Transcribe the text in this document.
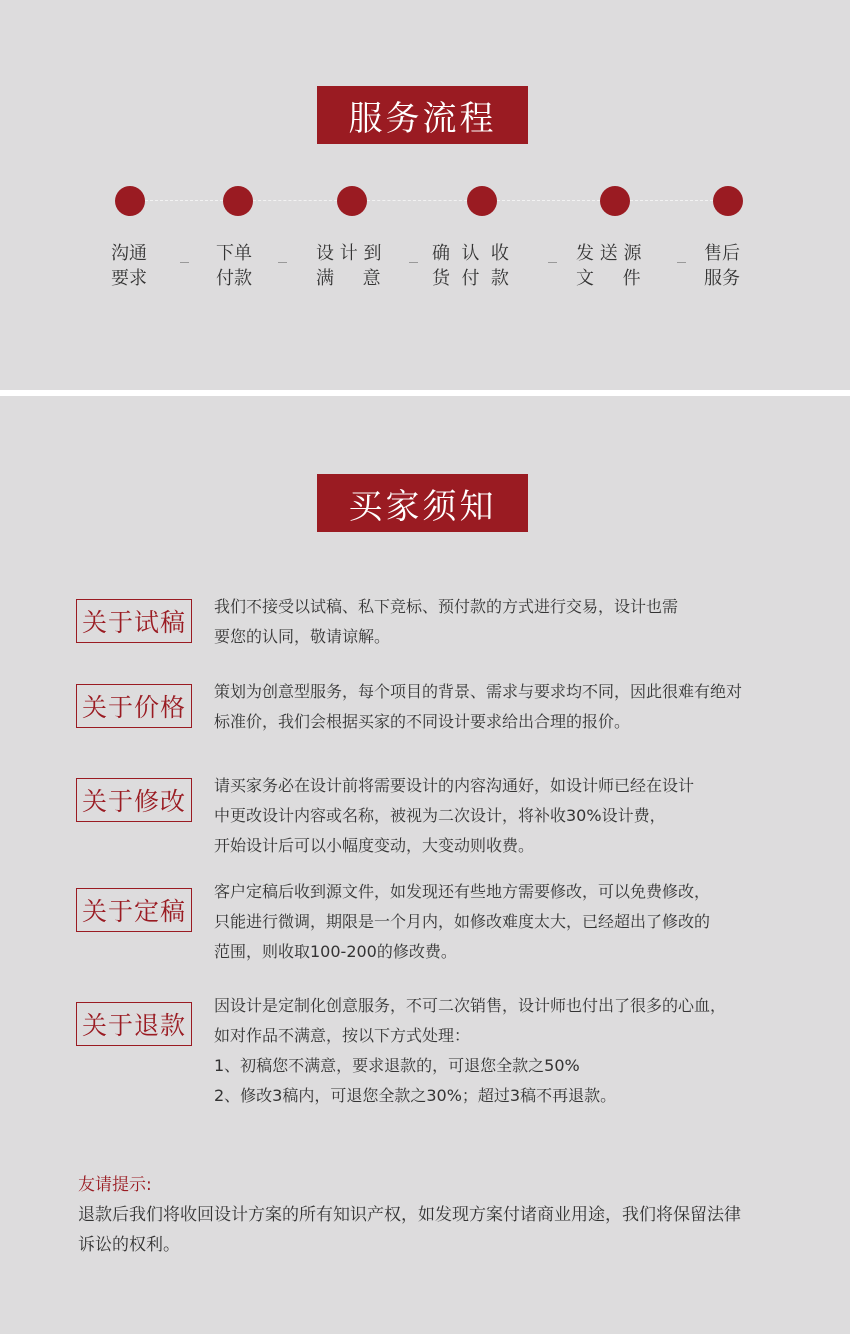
服务流程
沟通
要求
下单
付款
设 计 到
满     意
确  认  收
货  付  款
发 送 源
文     件
售后
服务
买家须知
关于试稿
我们不接受以试稿、私下竞标、预付款的方式进行交易，设计也需
要您的认同，敬请谅解。
关于价格
策划为创意型服务，每个项目的背景、需求与要求均不同，因此很难有绝对
标准价，我们会根据买家的不同设计要求给出合理的报价。
关于修改
请买家务必在设计前将需要设计的内容沟通好，如设计师已经在设计
中更改设计内容或名称，被视为二次设计，将补收30%设计费，
开始设计后可以小幅度变动，大变动则收费。
关于定稿
客户定稿后收到源文件，如发现还有些地方需要修改，可以免费修改，
只能进行微调，期限是一个月内，如修改难度太大，已经超出了修改的
范围，则收取100-200的修改费。
关于退款
因设计是定制化创意服务，不可二次销售，设计师也付出了很多的心血，
如对作品不满意，按以下方式处理：
1、初稿您不满意，要求退款的，可退您全款之50%
2、修改3稿内，可退您全款之30%；超过3稿不再退款。
友请提示:
退款后我们将收回设计方案的所有知识产权，如发现方案付诸商业用途，我们将保留法律
诉讼的权利。
